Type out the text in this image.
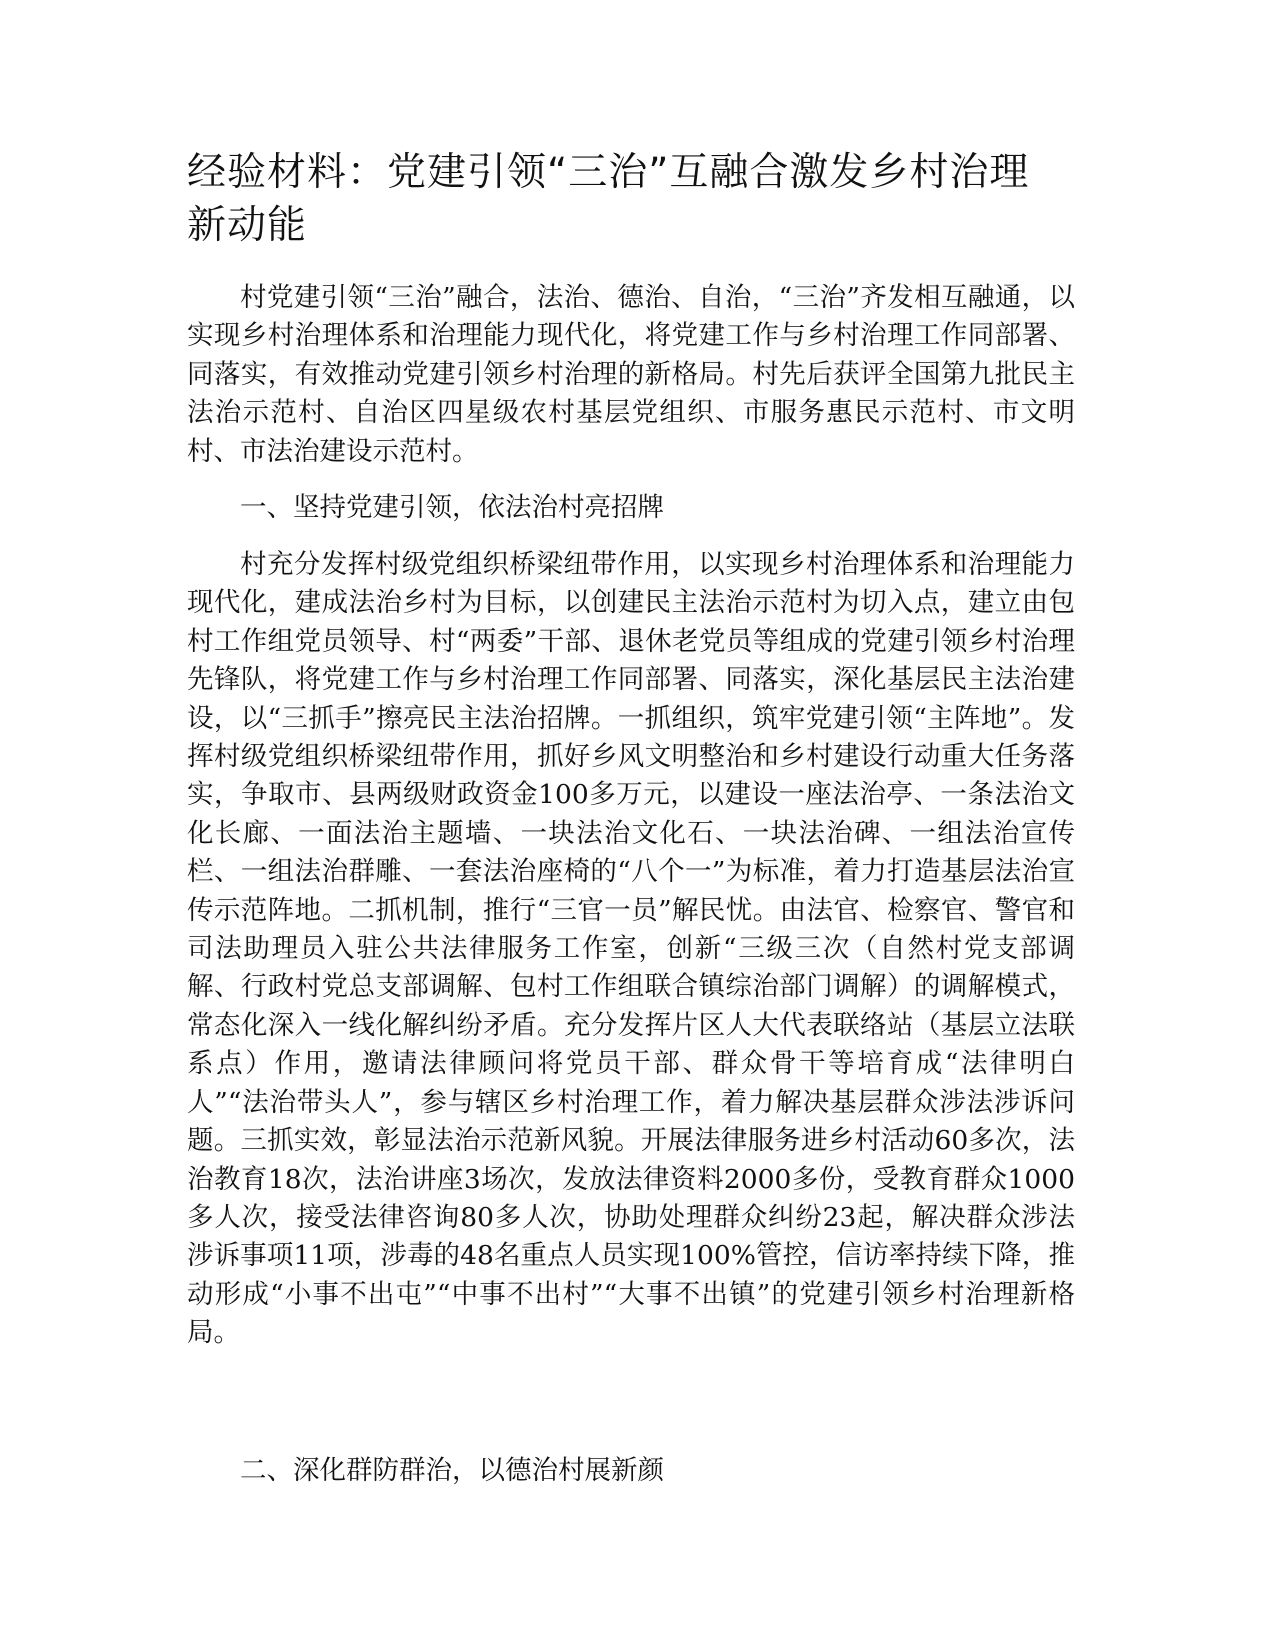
经验材料：党建引领“三治”互融合激发乡村治理新动能

村党建引领“三治”融合，法治、德治、自治，“三治”齐发相互融通，以实现乡村治理体系和治理能力现代化，将党建工作与乡村治理工作同部署、同落实，有效推动党建引领乡村治理的新格局。村先后获评全国第九批民主法治示范村、自治区四星级农村基层党组织、市服务惠民示范村、市文明村、市法治建设示范村。

一、坚持党建引领，依法治村亮招牌

村充分发挥村级党组织桥梁纽带作用，以实现乡村治理体系和治理能力现代化，建成法治乡村为目标，以创建民主法治示范村为切入点，建立由包村工作组党员领导、村“两委”干部、退休老党员等组成的党建引领乡村治理先锋队，将党建工作与乡村治理工作同部署、同落实，深化基层民主法治建设，以“三抓手”擦亮民主法治招牌。一抓组织，筑牢党建引领“主阵地”。发挥村级党组织桥梁纽带作用，抓好乡风文明整治和乡村建设行动重大任务落实，争取市、县两级财政资金100多万元，以建设一座法治亭、一条法治文化长廊、一面法治主题墙、一块法治文化石、一块法治碑、一组法治宣传栏、一组法治群雕、一套法治座椅的“八个一”为标准，着力打造基层法治宣传示范阵地。二抓机制，推行“三官一员”解民忧。由法官、检察官、警官和司法助理员入驻公共法律服务工作室，创新“三级三次（自然村党支部调解、行政村党总支部调解、包村工作组联合镇综治部门调解）的调解模式，常态化深入一线化解纠纷矛盾。充分发挥片区人大代表联络站（基层立法联系点）作用，邀请法律顾问将党员干部、群众骨干等培育成“法律明白人”“法治带头人”，参与辖区乡村治理工作，着力解决基层群众涉法涉诉问题。三抓实效，彰显法治示范新风貌。开展法律服务进乡村活动60多次，法治教育18次，法治讲座3场次，发放法律资料2000多份，受教育群众1000多人次，接受法律咨询80多人次，协助处理群众纠纷23起，解决群众涉法涉诉事项11项，涉毒的48名重点人员实现100%管控，信访率持续下降，推动形成“小事不出屯”“中事不出村”“大事不出镇”的党建引领乡村治理新格局。

二、深化群防群治，以德治村展新颜
